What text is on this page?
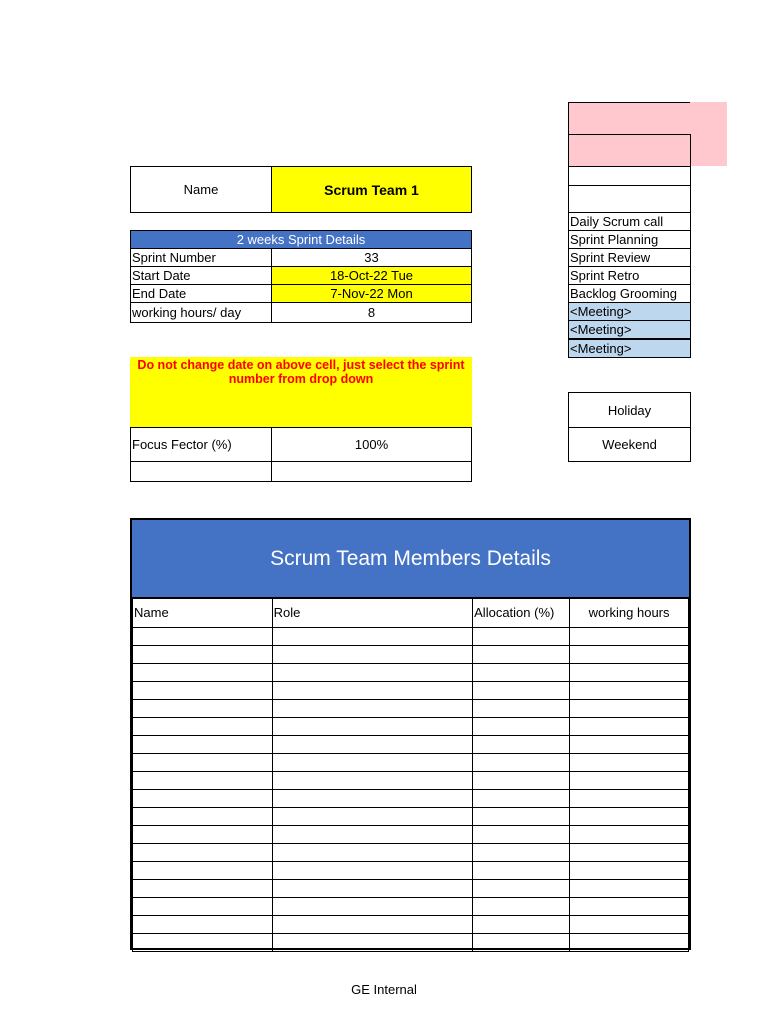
Name	Scrum Team 1
2 weeks Sprint Details
Sprint Number	33
Start Date	18-Oct-22 Tue
End Date	7-Nov-22 Mon
working hours/ day	8
Do not change date on above cell, just select the sprint number from drop down
Focus Fector (%)	100%
Daily Scrum call
Sprint Planning
Sprint Review
Sprint Retro
Backlog Grooming
<Meeting>
<Meeting>
<Meeting>
Holiday
Weekend
Scrum Team Members Details
Name	Role	Allocation (%)	working hours

GE Internal
